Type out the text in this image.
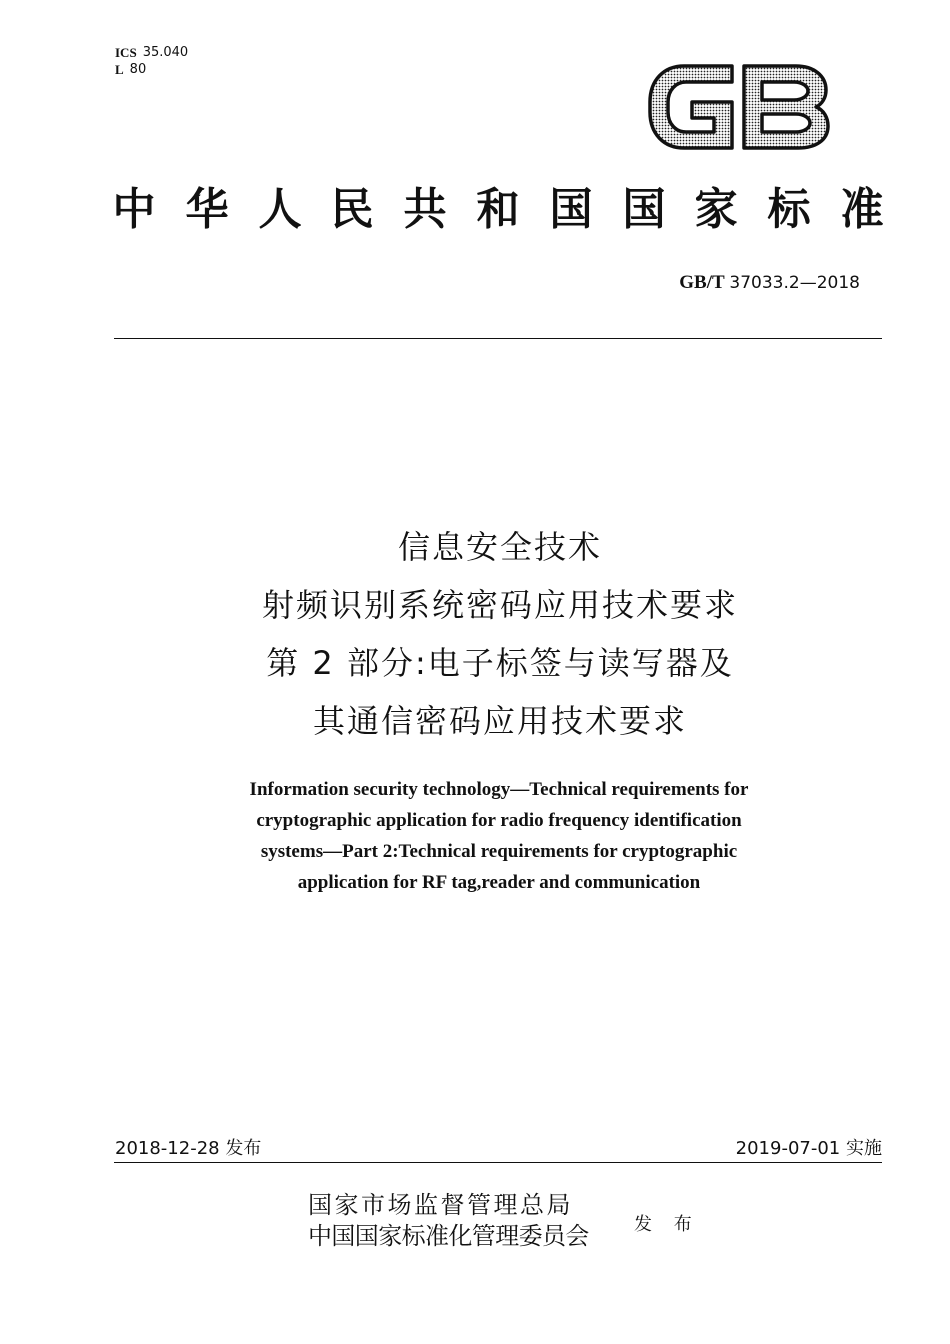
ICS 35.040
L 80
中 华 人 民 共 和 国 国 家 标 准
GB/T 37033.2—2018
信息安全技术
射频识别系统密码应用技术要求
第 2 部分:电子标签与读写器及
其通信密码应用技术要求
Information security technology—Technical requirements for
cryptographic application for radio frequency identification
systems—Part 2:Technical requirements for cryptographic
application for RF tag,reader and communication
2018-12-28 发布	2019-07-01 实施
国家市场监督管理总局
中国国家标准化管理委员会	发 布
